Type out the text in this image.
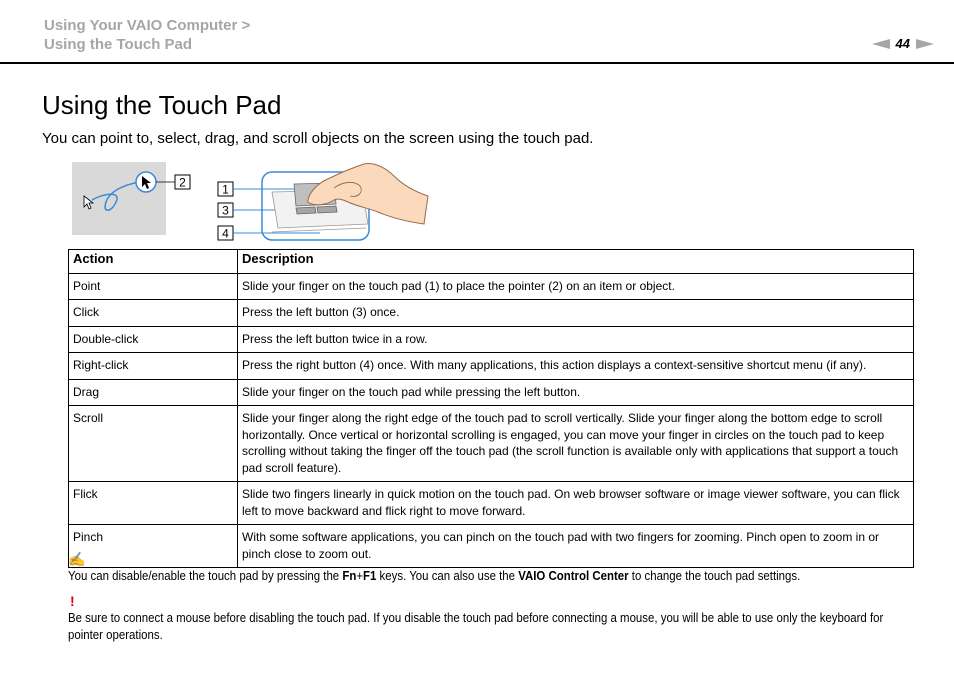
Using Your VAIO Computer >
Using the Touch Pad	44
Using the Touch Pad

You can point to, select, drag, and scroll objects on the screen using the touch pad.

2	1
3
4
Action	Description
Point	Slide your finger on the touch pad (1) to place the pointer (2) on an item or object.
Click	Press the left button (3) once.
Double-click	Press the left button twice in a row.
Right-click	Press the right button (4) once. With many applications, this action displays a context-sensitive shortcut menu (if any).
Drag	Slide your finger on the touch pad while pressing the left button.
Scroll	Slide your finger along the right edge of the touch pad to scroll vertically. Slide your finger along the bottom edge to scroll horizontally. Once vertical or horizontal scrolling is engaged, you can move your finger in circles on the touch pad to keep scrolling without taking the finger off the touch pad (the scroll function is available only with applications that support a touch pad scroll feature).
Flick	Slide two fingers linearly in quick motion on the touch pad. On web browser software or image viewer software, you can flick left to move backward and flick right to move forward.
Pinch	With some software applications, you can pinch on the touch pad with two fingers for zooming. Pinch open to zoom in or pinch close to zoom out.
✍
You can disable/enable the touch pad by pressing the Fn+F1 keys. You can also use the VAIO Control Center to change the touch pad settings.
!
Be sure to connect a mouse before disabling the touch pad. If you disable the touch pad before connecting a mouse, you will be able to use only the keyboard for pointer operations.
